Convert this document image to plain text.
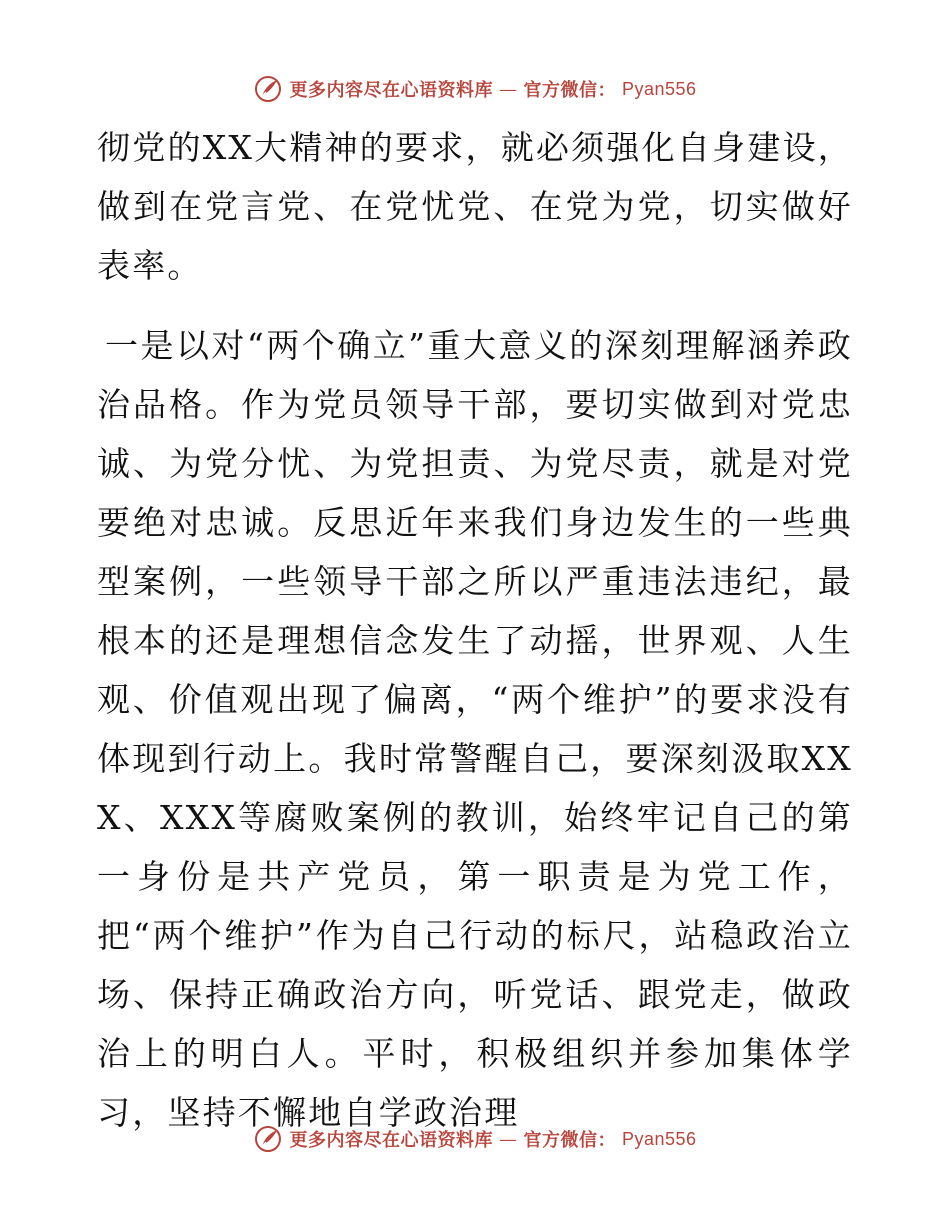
更多内容尽在心语资料库 — 官方微信： Pyan556

彻党的XX大精神的要求，就必须强化自身建设，做到在党言党、在党忧党、在党为党，切实做好表率。

一是以对“两个确立”重大意义的深刻理解涵养政治品格。作为党员领导干部，要切实做到对党忠诚、为党分忧、为党担责、为党尽责，就是对党要绝对忠诚。反思近年来我们身边发生的一些典型案例，一些领导干部之所以严重违法违纪，最根本的还是理想信念发生了动摇，世界观、人生观、价值观出现了偏离，“两个维护”的要求没有体现到行动上。我时常警醒自己，要深刻汲取XXX、XXX等腐败案例的教训，始终牢记自己的第一身份是共产党员，第一职责是为党工作，把“两个维护”作为自己行动的标尺，站稳政治立场、保持正确政治方向，听党话、跟党走，做政治上的明白人。平时，积极组织并参加集体学习，坚持不懈地自学政治理

更多内容尽在心语资料库 — 官方微信： Pyan556
